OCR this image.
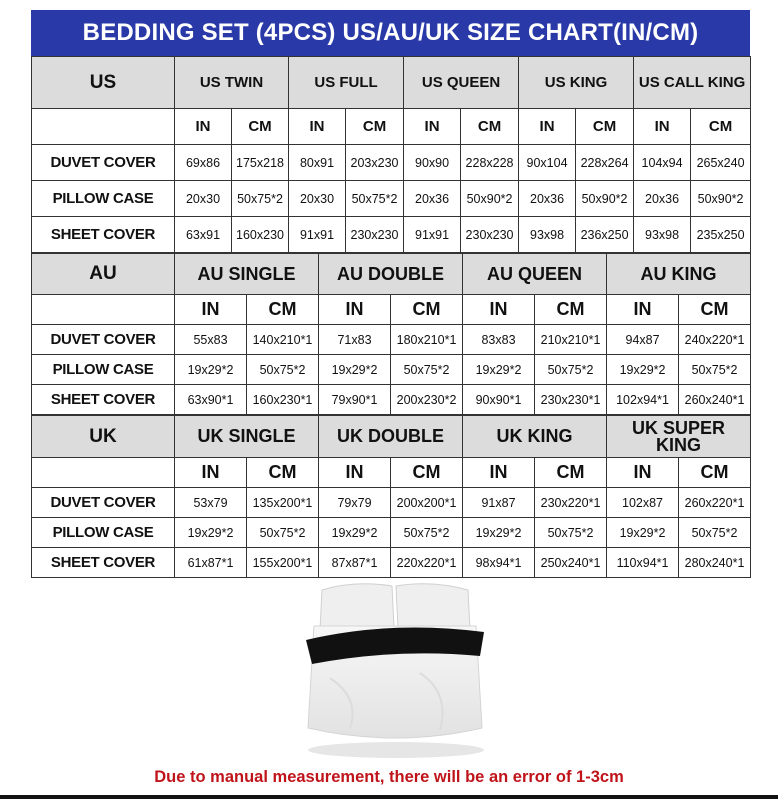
BEDDING SET (4PCS) US/AU/UK SIZE CHART(IN/CM)
US	US TWIN		US FULL		US QUEEN		US KING		US CALL KING	
	IN	CM	IN	CM	IN	CM	IN	CM	IN	CM
DUVET COVER	69x86	175x218	80x91	203x230	90x90	228x228	90x104	228x264	104x94	265x240
PILLOW CASE	20x30	50x75*2	20x30	50x75*2	20x36	50x90*2	20x36	50x90*2	20x36	50x90*2
SHEET COVER	63x91	160x230	91x91	230x230	91x91	230x230	93x98	236x250	93x98	235x250
AU	AU SINGLE		AU DOUBLE		AU QUEEN		AU KING	
	IN	CM	IN	CM	IN	CM	IN	CM
DUVET COVER	55x83	140x210*1	71x83	180x210*1	83x83	210x210*1	94x87	240x220*1
PILLOW CASE	19x29*2	50x75*2	19x29*2	50x75*2	19x29*2	50x75*2	19x29*2	50x75*2
SHEET COVER	63x90*1	160x230*1	79x90*1	200x230*2	90x90*1	230x230*1	102x94*1	260x240*1
UK	UK SINGLE		UK DOUBLE		UK KING		UK SUPER KING	
	IN	CM	IN	CM	IN	CM	IN	CM
DUVET COVER	53x79	135x200*1	79x79	200x200*1	91x87	230x220*1	102x87	260x220*1
PILLOW CASE	19x29*2	50x75*2	19x29*2	50x75*2	19x29*2	50x75*2	19x29*2	50x75*2
SHEET COVER	61x87*1	155x200*1	87x87*1	220x220*1	98x94*1	250x240*1	110x94*1	280x240*1
Due to manual measurement, there will be an error of 1-3cm
